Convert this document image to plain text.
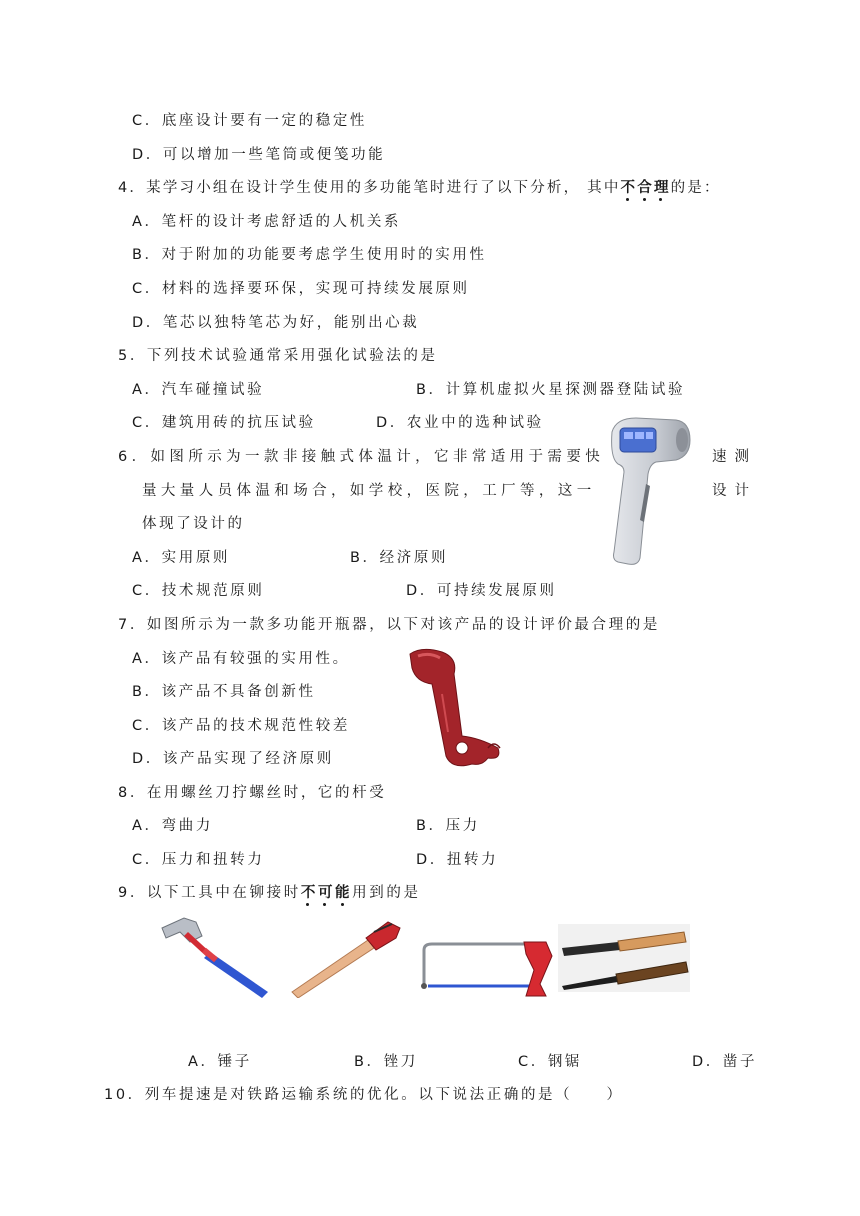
C．底座设计要有一定的稳定性
D．可以增加一些笔筒或便笺功能
4．某学习小组在设计学生使用的多功能笔时进行了以下分析， 其中不合理的是：
A．笔杆的设计考虑舒适的人机关系
B．对于附加的功能要考虑学生使用时的实用性
C．材料的选择要环保，实现可持续发展原则
D．笔芯以独特笔芯为好，能别出心裁
5．下列技术试验通常采用强化试验法的是
A．汽车碰撞试验	B．计算机虚拟火星探测器登陆试验
C．建筑用砖的抗压试验	D．农业中的选种试验
6．如图所示为一款非接触式体温计，它非常适用于需要快	速测
量大量人员体温和场合，如学校，医院，工厂等，这一	设计
体现了设计的
A．实用原则	B．经济原则
C．技术规范原则	D．可持续发展原则
7．如图所示为一款多功能开瓶器，以下对该产品的设计评价最合理的是
A．该产品有较强的实用性。
B．该产品不具备创新性
C．该产品的技术规范性较差
D．该产品实现了经济原则
8．在用螺丝刀拧螺丝时，它的杆受
A．弯曲力	B．压力
C．压力和扭转力	D．扭转力
9．以下工具中在铆接时不可能用到的是
A．锤子	B．锉刀	C．钢锯	D．凿子
10．列车提速是对铁路运输系统的优化。以下说法正确的是（　　）
